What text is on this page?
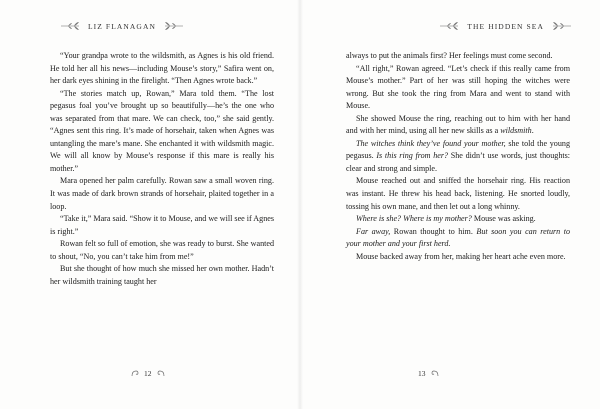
LIZ FLANAGAN

“Your grandpa wrote to the wildsmith, as Agnes is his old friend. He told her all his news—including Mouse’s story,” Safira went on, her dark eyes shining in the firelight. “Then Agnes wrote back.”

“The stories match up, Rowan,” Mara told them. “The lost pegasus foal you’ve brought up so beautifully—he’s the one who was separated from that mare. We can check, too,” she said gently. “Agnes sent this ring. It’s made of horsehair, taken when Agnes was untangling the mare’s mane. She enchanted it with wildsmith magic. We will all know by Mouse’s response if this mare is really his mother.”

Mara opened her palm carefully. Rowan saw a small woven ring. It was made of dark brown strands of horsehair, plaited together in a loop.

“Take it,” Mara said. “Show it to Mouse, and we will see if Agnes is right.”

Rowan felt so full of emotion, she was ready to burst. She wanted to shout, “No, you can’t take him from me!”

But she thought of how much she missed her own mother. Hadn’t her wildsmith training taught her

12
THE HIDDEN SEA

always to put the animals first? Her feelings must come second.

“All right,” Rowan agreed. “Let’s check if this really came from Mouse’s mother.” Part of her was still hoping the witches were wrong. But she took the ring from Mara and went to stand with Mouse.

She showed Mouse the ring, reaching out to him with her hand and with her mind, using all her new skills as a wildsmith.

The witches think they’ve found your mother, she told the young pegasus. Is this ring from her? She didn’t use words, just thoughts: clear and strong and simple.

Mouse reached out and sniffed the horsehair ring. His reaction was instant. He threw his head back, listening. He snorted loudly, tossing his own mane, and then let out a long whinny.

Where is she? Where is my mother? Mouse was asking.

Far away, Rowan thought to him. But soon you can return to your mother and your first herd.

Mouse backed away from her, making her heart ache even more.

13
